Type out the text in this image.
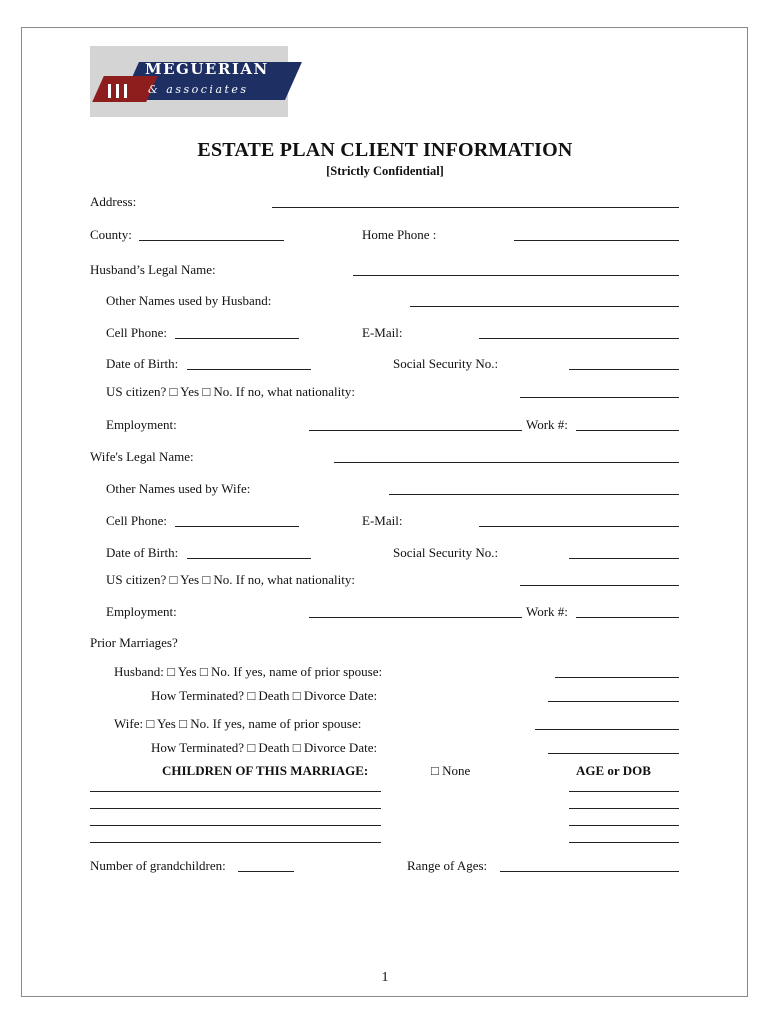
MEGUERIAN
& associates
ESTATE PLAN CLIENT INFORMATION
[Strictly Confidential]
Address:
County:	Home Phone :
Husband’s Legal Name:
Other Names used by Husband:
Cell Phone:	E-Mail:
Date of Birth:	Social Security No.:
US citizen? □ Yes □ No. If no, what nationality:
Employment:	Work #:
Wife's Legal Name:
Other Names used by Wife:
Cell Phone:	E-Mail:
Date of Birth:	Social Security No.:
US citizen? □ Yes □ No. If no, what nationality:
Employment:	Work #:
Prior Marriages?
Husband: □ Yes □ No. If yes, name of prior spouse:
How Terminated? □ Death □ Divorce Date:
Wife: □ Yes □ No. If yes, name of prior spouse:
How Terminated? □ Death □ Divorce Date:
CHILDREN OF THIS MARRIAGE:	□ None	AGE or DOB
Number of grandchildren:	Range of Ages:
1
